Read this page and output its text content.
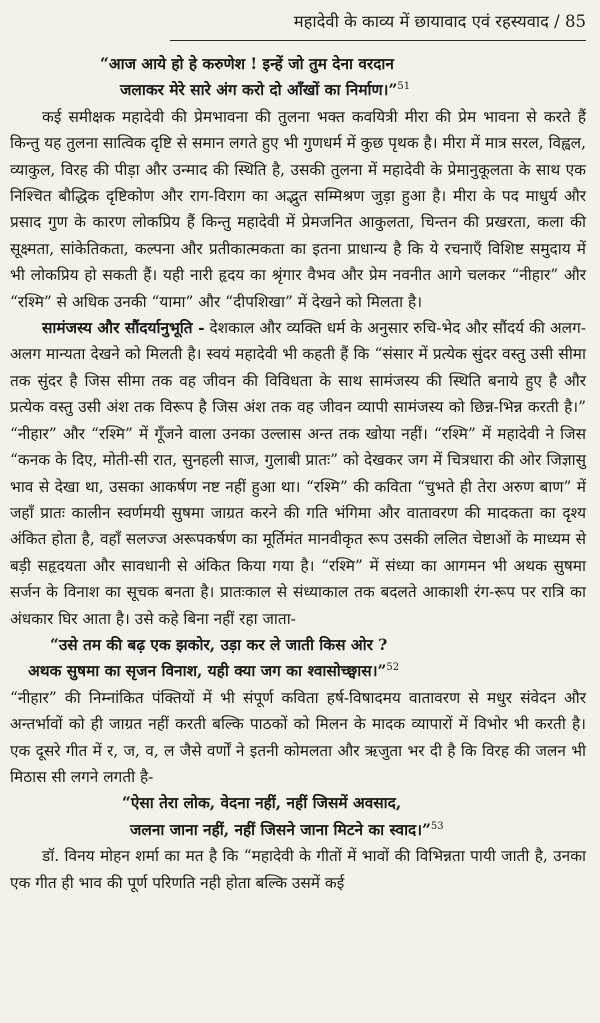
महादेवी के काव्य में छायावाद एवं रहस्यवाद / 85
“आज आये हो हे करुणेश ! इन्हें जो तुम देना वरदान
जलाकर मेरे सारे अंग करो दो आँखों का निर्माण।”$^{51}$

कई समीक्षक महादेवी की प्रेमभावना की तुलना भक्त कवयित्री मीरा की प्रेम भावना से करते हैं किन्तु यह तुलना सात्विक दृष्टि से समान लगते हुए भी गुणधर्म में कुछ पृथक है। मीरा में मात्र सरल, विह्वल, व्याकुल, विरह की पीड़ा और उन्माद की स्थिति है, उसकी तुलना में महादेवी के प्रेमानुकूलता के साथ एक निश्चित बौद्धिक दृष्टिकोण और राग-विराग का अद्भुत सम्मिश्रण जुड़ा हुआ है। मीरा के पद माधुर्य और प्रसाद गुण के कारण लोकप्रिय हैं किन्तु महादेवी में प्रेमजनित आकुलता, चिन्तन की प्रखरता, कला की सूक्ष्मता, सांकेतिकता, कल्पना और प्रतीकात्मकता का इतना प्राधान्य है कि ये रचनाएँ विशिष्ट समुदाय में भी लोकप्रिय हो सकती हैं। यही नारी हृदय का श्रृंगार वैभव और प्रेम नवनीत आगे चलकर “नीहार” और “रश्मि” से अधिक उनकी “यामा” और “दीपशिखा” में देखने को मिलता है।

सामंजस्य और सौंदर्यानुभूति - देशकाल और व्यक्ति धर्म के अनुसार रुचि-भेद और सौंदर्य की अलग-अलग मान्यता देखने को मिलती है। स्वयं महादेवी भी कहती हैं कि “संसार में प्रत्येक सुंदर वस्तु उसी सीमा तक सुंदर है जिस सीमा तक वह जीवन की विविधता के साथ सामंजस्य की स्थिति बनाये हुए है और प्रत्येक वस्तु उसी अंश तक विरूप है जिस अंश तक वह जीवन व्यापी सामंजस्य को छिन्न-भिन्न करती है।” “नीहार” और “रश्मि” में गूँजने वाला उनका उल्लास अन्त तक खोया नहीं। “रश्मि” में महादेवी ने जिस “कनक के दिए, मोती-सी रात, सुनहली साज, गुलाबी प्रातः” को देखकर जग में चित्रधारा की ओर जिज्ञासु भाव से देखा था, उसका आकर्षण नष्ट नहीं हुआ था। “रश्मि” की कविता “चुभते ही तेरा अरुण बाण” में जहाँ प्रातः कालीन स्वर्णमयी सुषमा जाग्रत करने की गति भंगिमा और वातावरण की मादकता का दृश्य अंकित होता है, वहाँ सलज्ज अरूपकर्षण का मूर्तिमंत मानवीकृत रूप उसकी ललित चेष्टाओं के माध्यम से बड़ी सहृदयता और सावधानी से अंकित किया गया है। “रश्मि” में संध्या का आगमन भी अथक सुषमा सर्जन के विनाश का सूचक बनता है। प्रातःकाल से संध्याकाल तक बदलते आकाशी रंग-रूप पर रात्रि का अंधकार घिर आता है। उसे कहे बिना नहीं रहा जाता-

“उसे तम की बढ़ एक झकोर, उड़ा कर ले जाती किस ओर ?
अथक सुषमा का सृजन विनाश, यही क्या जग का श्वासोच्छ्वास।”$^{52}$

“नीहार” की निम्नांकित पंक्तियों में भी संपूर्ण कविता हर्ष-विषादमय वातावरण से मधुर संवेदन और अन्तर्भावों को ही जाग्रत नहीं करती बल्कि पाठकों को मिलन के मादक व्यापारों में विभोर भी करती है। एक दूसरे गीत में र, ज, व, ल जैसे वर्णों ने इतनी कोमलता और ऋजुता भर दी है कि विरह की जलन भी मिठास सी लगने लगती है-

“ऐसा तेरा लोक, वेदना नहीं, नहीं जिसमें अवसाद,
जलना जाना नहीं, नहीं जिसने जाना मिटने का स्वाद।”$^{53}$

डॉ. विनय मोहन शर्मा का मत है कि “महादेवी के गीतों में भावों की विभिन्नता पायी जाती है, उनका एक गीत ही भाव की पूर्ण परिणति नही होता बल्कि उसमें कई
